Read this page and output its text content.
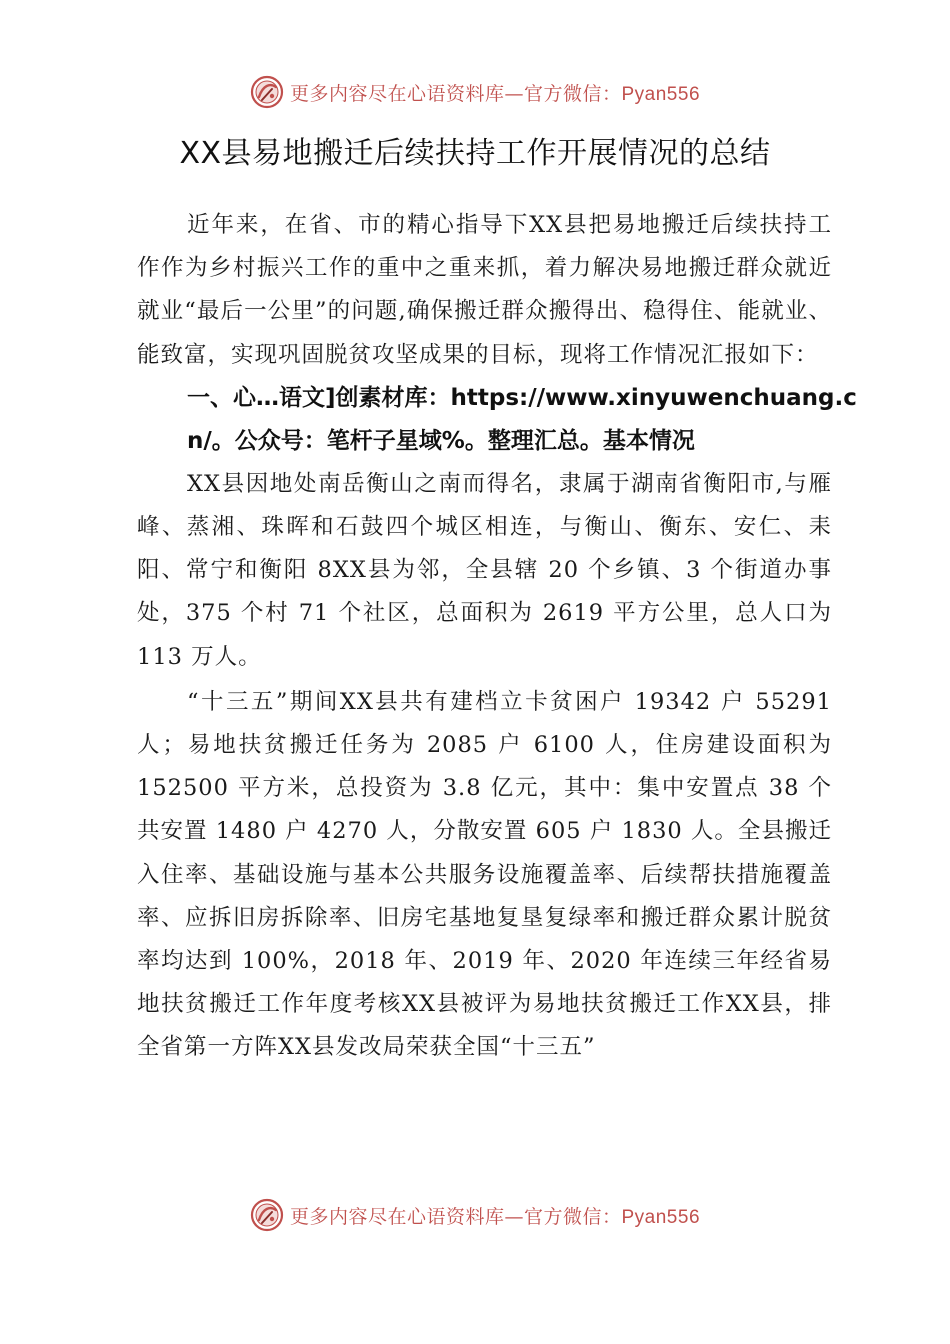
更多内容尽在心语资料库—官方微信：Pyan556
XX县易地搬迁后续扶持工作开展情况的总结

近年来，在省、市的精心指导下XX县把易地搬迁后续扶持工作作为乡村振兴工作的重中之重来抓，着力解决易地搬迁群众就近就业“最后一公里”的问题,确保搬迁群众搬得出、稳得住、能就业、能致富，实现巩固脱贫攻坚成果的目标，现将工作情况汇报如下：

一、心…语文]创素材库：https://www.xinyuwenchuang.cn/。公众号：笔杆子星域%。整理汇总。基本情况

XX县因地处南岳衡山之南而得名，隶属于湖南省衡阳市,与雁峰、蒸湘、珠晖和石鼓四个城区相连，与衡山、衡东、安仁、耒阳、常宁和衡阳 8XX县为邻，全县辖 20 个乡镇、3 个街道办事处，375 个村 71 个社区，总面积为 2619 平方公里，总人口为 113 万人。

“十三五”期间XX县共有建档立卡贫困户 19342 户 55291 人；易地扶贫搬迁任务为 2085 户 6100 人，住房建设面积为 152500 平方米，总投资为 3.8 亿元，其中：集中安置点 38 个共安置 1480 户 4270 人，分散安置 605 户 1830 人。全县搬迁入住率、基础设施与基本公共服务设施覆盖率、后续帮扶措施覆盖率、应拆旧房拆除率、旧房宅基地复垦复绿率和搬迁群众累计脱贫率均达到 100%，2018 年、2019 年、2020 年连续三年经省易地扶贫搬迁工作年度考核XX县被评为易地扶贫搬迁工作XX县，排全省第一方阵XX县发改局荣获全国“十三五”

更多内容尽在心语资料库—官方微信：Pyan556
